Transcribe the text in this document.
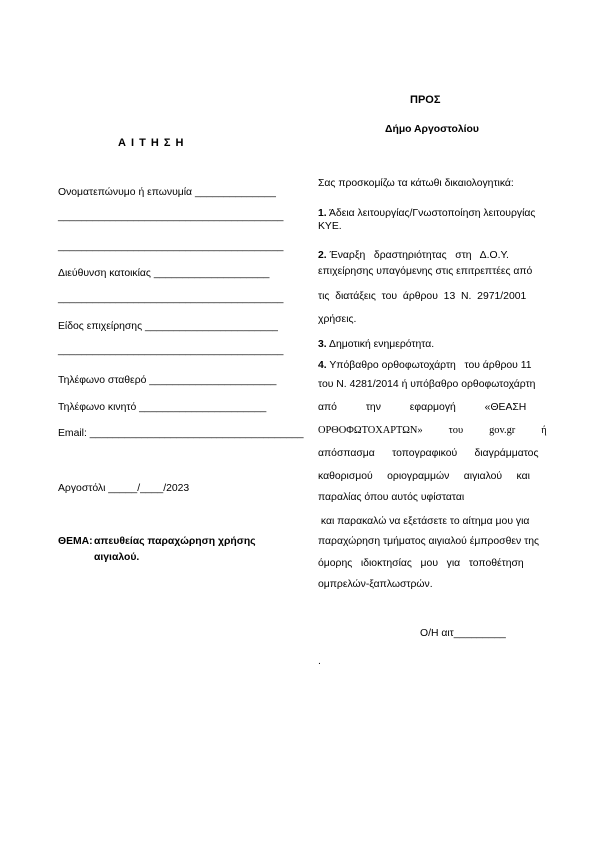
Α Ι Τ Η Σ Η
Ονοματεπώνυμο ή επωνυμία ______________
_______________________________________
_______________________________________
Διεύθυνση κατοικίας ____________________
_______________________________________
Είδος επιχείρησης _______________________
_______________________________________
Τηλέφωνο σταθερό ______________________
Τηλέφωνο κινητό ______________________
Email: _____________________________________
Αργοστόλι _____/____/2023
ΘΕΜΑ: απευθείας παραχώρηση χρήσης
αιγιαλού.
ΠΡΟΣ
Δήμο Αργοστολίου
Σας προσκομίζω τα κάτωθι δικαιολογητικά:
1. Άδεια λειτουργίας/Γνωστοποίηση λειτουργίας
ΚΥΕ.
2. Έναρξη   δραστηριότητας   στη   Δ.Ο.Υ.
επιχείρησης υπαγόμενης στις επιτρεπτέες από
τις  διατάξεις  του  άρθρου  13  Ν.  2971/2001
χρήσεις.
3. Δημοτική ενημερότητα.
4. Υπόβαθρο ορθοφωτοχάρτη   του άρθρου 11
του Ν. 4281/2014 ή υπόβαθρο ορθοφωτοχάρτη
από          την          εφαρμογή          «ΘΕΑΣΗ
ΟΡΘΟΦΩΤΟΧΑΡΤΩΝ»          του          gov.gr          ή
απόσπασμα      τοπογραφικού      διαγράμματος
καθορισμού     οριογραμμών     αιγιαλού     και
παραλίας όπου αυτός υφίσταται
και παρακαλώ να εξετάσετε το αίτημα μου για
παραχώρηση τμήματος αιγιαλού έμπροσθεν της
όμορης   ιδιοκτησίας   μου   για   τοποθέτηση
ομπρελών-ξαπλωστρών.
Ο/Η αιτ_________
.
